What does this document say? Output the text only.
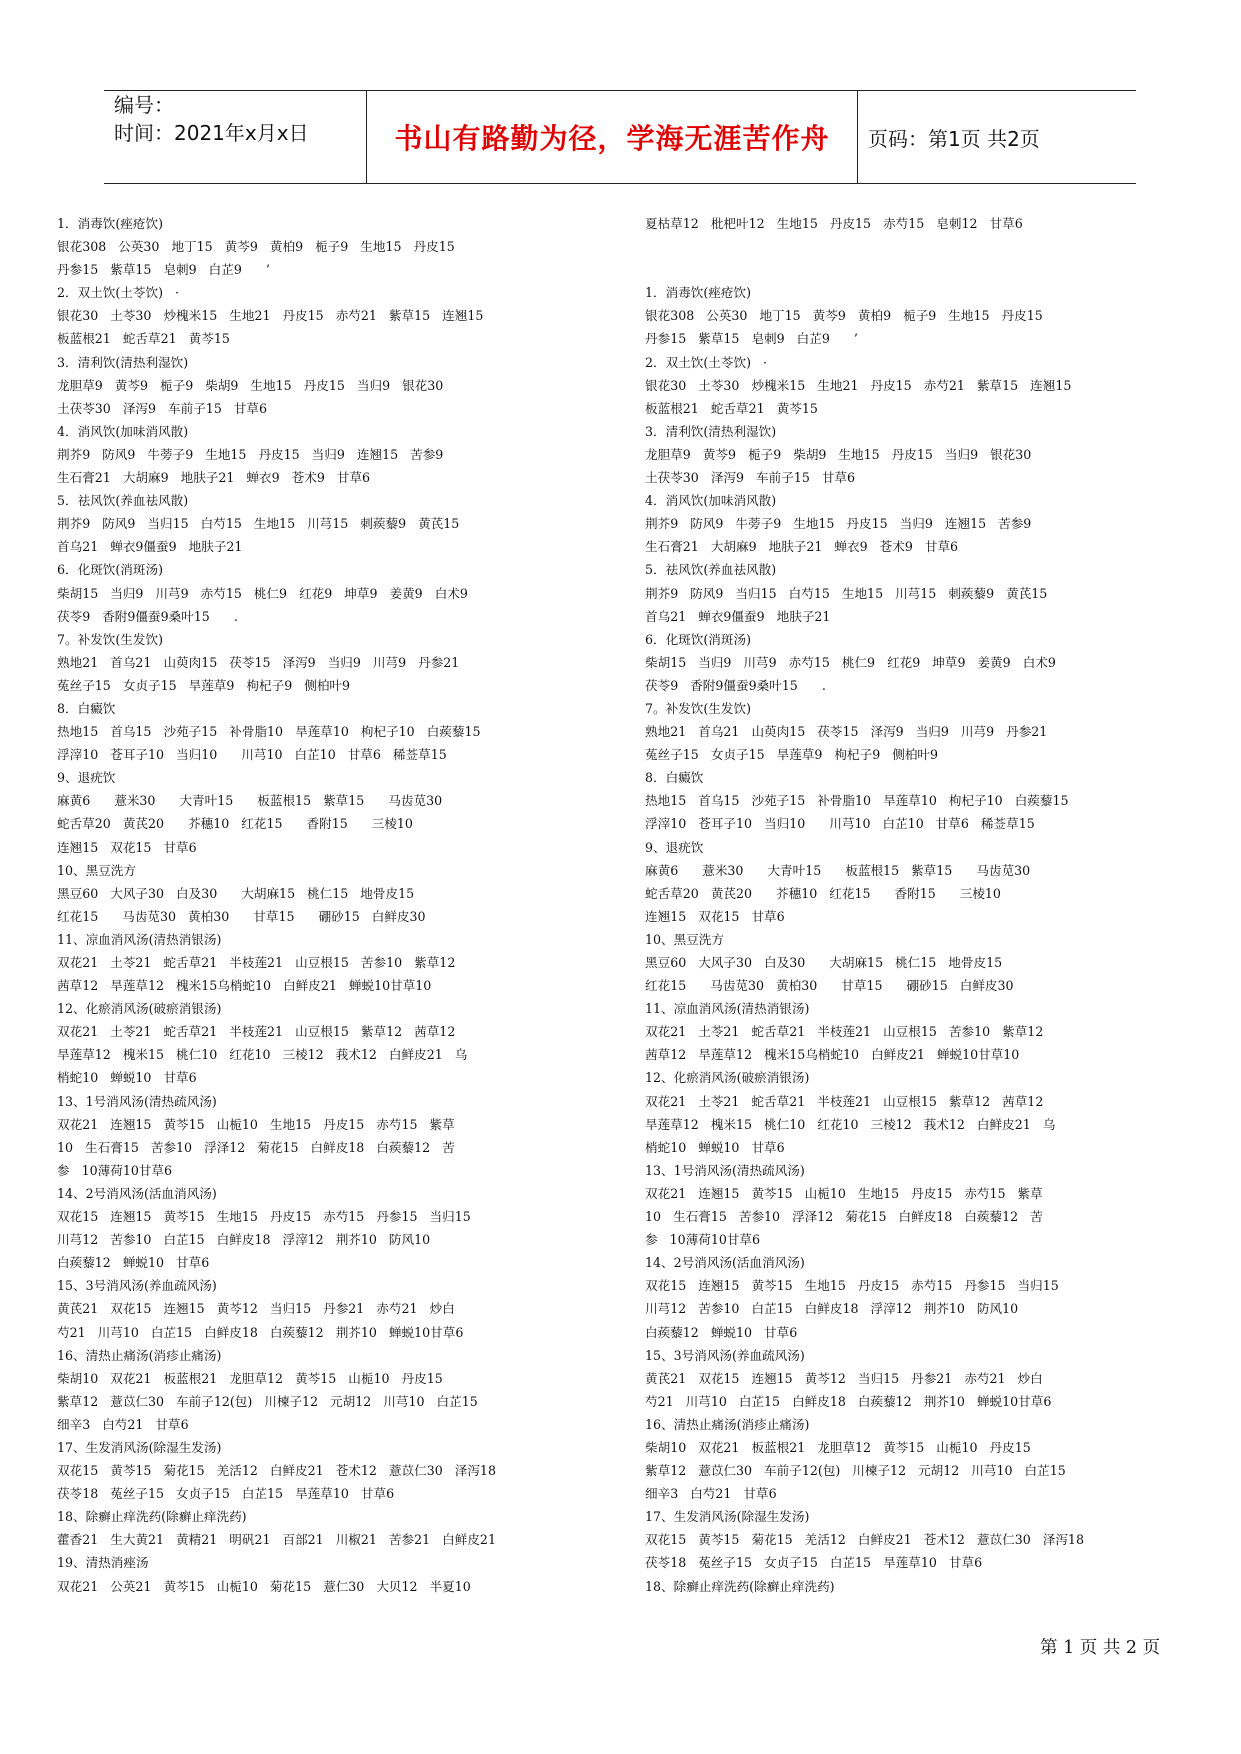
编号：
时间：2021年x月x日	书山有路勤为径，学海无涯苦作舟	页码：第1页 共2页
1．消毒饮(痤疮饮)
银花308   公英30   地丁15   黄芩9   黄柏9   栀子9   生地15   丹皮15
丹参15   紫草15   皂刺9   白芷9      ’
2．双土饮(土苓饮)   ·
银花30   土苓30   炒槐米15   生地21   丹皮15   赤芍21   紫草15   连翘15
板蓝根21   蛇舌草21   黄芩15
3．清利饮(清热利湿饮)
龙胆草9   黄芩9   栀子9   柴胡9   生地15   丹皮15   当归9   银花30
土茯苓30   泽泻9   车前子15   甘草6
4．消风饮(加味消风散)
荆芥9   防风9   牛蒡子9   生地15   丹皮15   当归9   连翘15   苦参9
生石膏21   大胡麻9   地肤子21   蝉衣9   苍术9   甘草6
5．祛风饮(养血祛风散)
荆芥9   防风9   当归15   白芍15   生地15   川芎15   刺蒺藜9   黄芪15
首乌21   蝉衣9僵蚕9   地肤子21
6．化斑饮(消斑汤)
柴胡15   当归9   川芎9   赤芍15   桃仁9   红花9   坤草9   姜黄9   白术9
茯苓9   香附9僵蚕9桑叶15      .
7。补发饮(生发饮)
熟地21   首乌21   山萸肉15   茯苓15   泽泻9   当归9   川芎9   丹参21
菟丝子15   女贞子15   旱莲草9   枸杞子9   侧柏叶9
8．白癜饮
热地15   首乌15   沙苑子15   补骨脂10   旱莲草10   枸杞子10   白蒺藜15
浮滓10   苍耳子10   当归10      川芎10   白芷10   甘草6   稀莶草15
9、退疣饮
麻黄6      薏米30      大青叶15      板蓝根15   紫草15      马齿苋30
蛇舌草20   黄芪20      芥穗10   红花15      香附15      三棱10
连翘15   双花15   甘草6
10、黑豆洗方
黑豆60   大风子30   白及30      大胡麻15   桃仁15   地骨皮15
红花15      马齿苋30   黄柏30      甘草15      硼砂15   白鲜皮30
11、凉血消风汤(清热消银汤)
双花21   土苓21   蛇舌草21   半枝莲21   山豆根15   苦参10   紫草12
茜草12   旱莲草12   槐米15乌梢蛇10   白鲜皮21   蝉蜕10甘草10
12、化瘀消风汤(破瘀消银汤)
双花21   土苓21   蛇舌草21   半枝莲21   山豆根15   紫草12   茜草12
旱莲草12   槐米15   桃仁10   红花10   三棱12   莪术12   白鲜皮21   乌
梢蛇10   蝉蜕10   甘草6
13、1号消风汤(清热疏风汤)
双花21   连翘15   黄芩15   山栀10   生地15   丹皮15   赤芍15   紫草
10   生石膏15   苦参10   浮泽12   菊花15   白鲜皮18   白蒺藜12   苦
参   10薄荷10甘草6
14、2号消风汤(活血消风汤)
双花15   连翘15   黄芩15   生地15   丹皮15   赤芍15   丹参15   当归15
川芎12   苦参10   白芷15   白鲜皮18   浮滓12   荆芥10   防风10
白蒺藜12   蝉蜕10   甘草6
15、3号消风汤(养血疏风汤)
黄芪21   双花15   连翘15   黄芩12   当归15   丹参21   赤芍21   炒白
芍21   川芎10   白芷15   白鲜皮18   白蒺藜12   荆芥10   蝉蜕10甘草6
16、清热止痛汤(消疹止痛汤)
柴胡10   双花21   板蓝根21   龙胆草12   黄芩15   山栀10   丹皮15
紫草12   薏苡仁30   车前子12(包)   川楝子12   元胡12   川芎10   白芷15
细辛3   白芍21   甘草6
17、生发消风汤(除湿生发汤)
双花15   黄芩15   菊花15   羌活12   白鲜皮21   苍术12   薏苡仁30   泽泻18
茯苓18   菟丝子15   女贞子15   白芷15   旱莲草10   甘草6
18、除癣止痒洗药(除癣止痒洗药)
藿香21   生大黄21   黄精21   明矾21   百部21   川椒21   苦参21   白鲜皮21
19、清热消痤汤
双花21   公英21   黄芩15   山栀10   菊花15   薏仁30   大贝12   半夏10
夏枯草12   枇杷叶12   生地15   丹皮15   赤芍15   皂刺12   甘草6
1．消毒饮(痤疮饮)
银花308   公英30   地丁15   黄芩9   黄柏9   栀子9   生地15   丹皮15
丹参15   紫草15   皂刺9   白芷9      ’
2．双土饮(土苓饮)   ·
银花30   土苓30   炒槐米15   生地21   丹皮15   赤芍21   紫草15   连翘15
板蓝根21   蛇舌草21   黄芩15
3．清利饮(清热利湿饮)
龙胆草9   黄芩9   栀子9   柴胡9   生地15   丹皮15   当归9   银花30
土茯苓30   泽泻9   车前子15   甘草6
4．消风饮(加味消风散)
荆芥9   防风9   牛蒡子9   生地15   丹皮15   当归9   连翘15   苦参9
生石膏21   大胡麻9   地肤子21   蝉衣9   苍术9   甘草6
5．祛风饮(养血祛风散)
荆芥9   防风9   当归15   白芍15   生地15   川芎15   刺蒺藜9   黄芪15
首乌21   蝉衣9僵蚕9   地肤子21
6．化斑饮(消斑汤)
柴胡15   当归9   川芎9   赤芍15   桃仁9   红花9   坤草9   姜黄9   白术9
茯苓9   香附9僵蚕9桑叶15      .
7。补发饮(生发饮)
熟地21   首乌21   山萸肉15   茯苓15   泽泻9   当归9   川芎9   丹参21
菟丝子15   女贞子15   旱莲草9   枸杞子9   侧柏叶9
8．白癜饮
热地15   首乌15   沙苑子15   补骨脂10   旱莲草10   枸杞子10   白蒺藜15
浮滓10   苍耳子10   当归10      川芎10   白芷10   甘草6   稀莶草15
9、退疣饮
麻黄6      薏米30      大青叶15      板蓝根15   紫草15      马齿苋30
蛇舌草20   黄芪20      芥穗10   红花15      香附15      三棱10
连翘15   双花15   甘草6
10、黑豆洗方
黑豆60   大风子30   白及30      大胡麻15   桃仁15   地骨皮15
红花15      马齿苋30   黄柏30      甘草15      硼砂15   白鲜皮30
11、凉血消风汤(清热消银汤)
双花21   土苓21   蛇舌草21   半枝莲21   山豆根15   苦参10   紫草12
茜草12   旱莲草12   槐米15乌梢蛇10   白鲜皮21   蝉蜕10甘草10
12、化瘀消风汤(破瘀消银汤)
双花21   土苓21   蛇舌草21   半枝莲21   山豆根15   紫草12   茜草12
旱莲草12   槐米15   桃仁10   红花10   三棱12   莪术12   白鲜皮21   乌
梢蛇10   蝉蜕10   甘草6
13、1号消风汤(清热疏风汤)
双花21   连翘15   黄芩15   山栀10   生地15   丹皮15   赤芍15   紫草
10   生石膏15   苦参10   浮泽12   菊花15   白鲜皮18   白蒺藜12   苦
参   10薄荷10甘草6
14、2号消风汤(活血消风汤)
双花15   连翘15   黄芩15   生地15   丹皮15   赤芍15   丹参15   当归15
川芎12   苦参10   白芷15   白鲜皮18   浮滓12   荆芥10   防风10
白蒺藜12   蝉蜕10   甘草6
15、3号消风汤(养血疏风汤)
黄芪21   双花15   连翘15   黄芩12   当归15   丹参21   赤芍21   炒白
芍21   川芎10   白芷15   白鲜皮18   白蒺藜12   荆芥10   蝉蜕10甘草6
16、清热止痛汤(消疹止痛汤)
柴胡10   双花21   板蓝根21   龙胆草12   黄芩15   山栀10   丹皮15
紫草12   薏苡仁30   车前子12(包)   川楝子12   元胡12   川芎10   白芷15
细辛3   白芍21   甘草6
17、生发消风汤(除湿生发汤)
双花15   黄芩15   菊花15   羌活12   白鲜皮21   苍术12   薏苡仁30   泽泻18
茯苓18   菟丝子15   女贞子15   白芷15   旱莲草10   甘草6
18、除癣止痒洗药(除癣止痒洗药)
第 1 页 共 2 页
